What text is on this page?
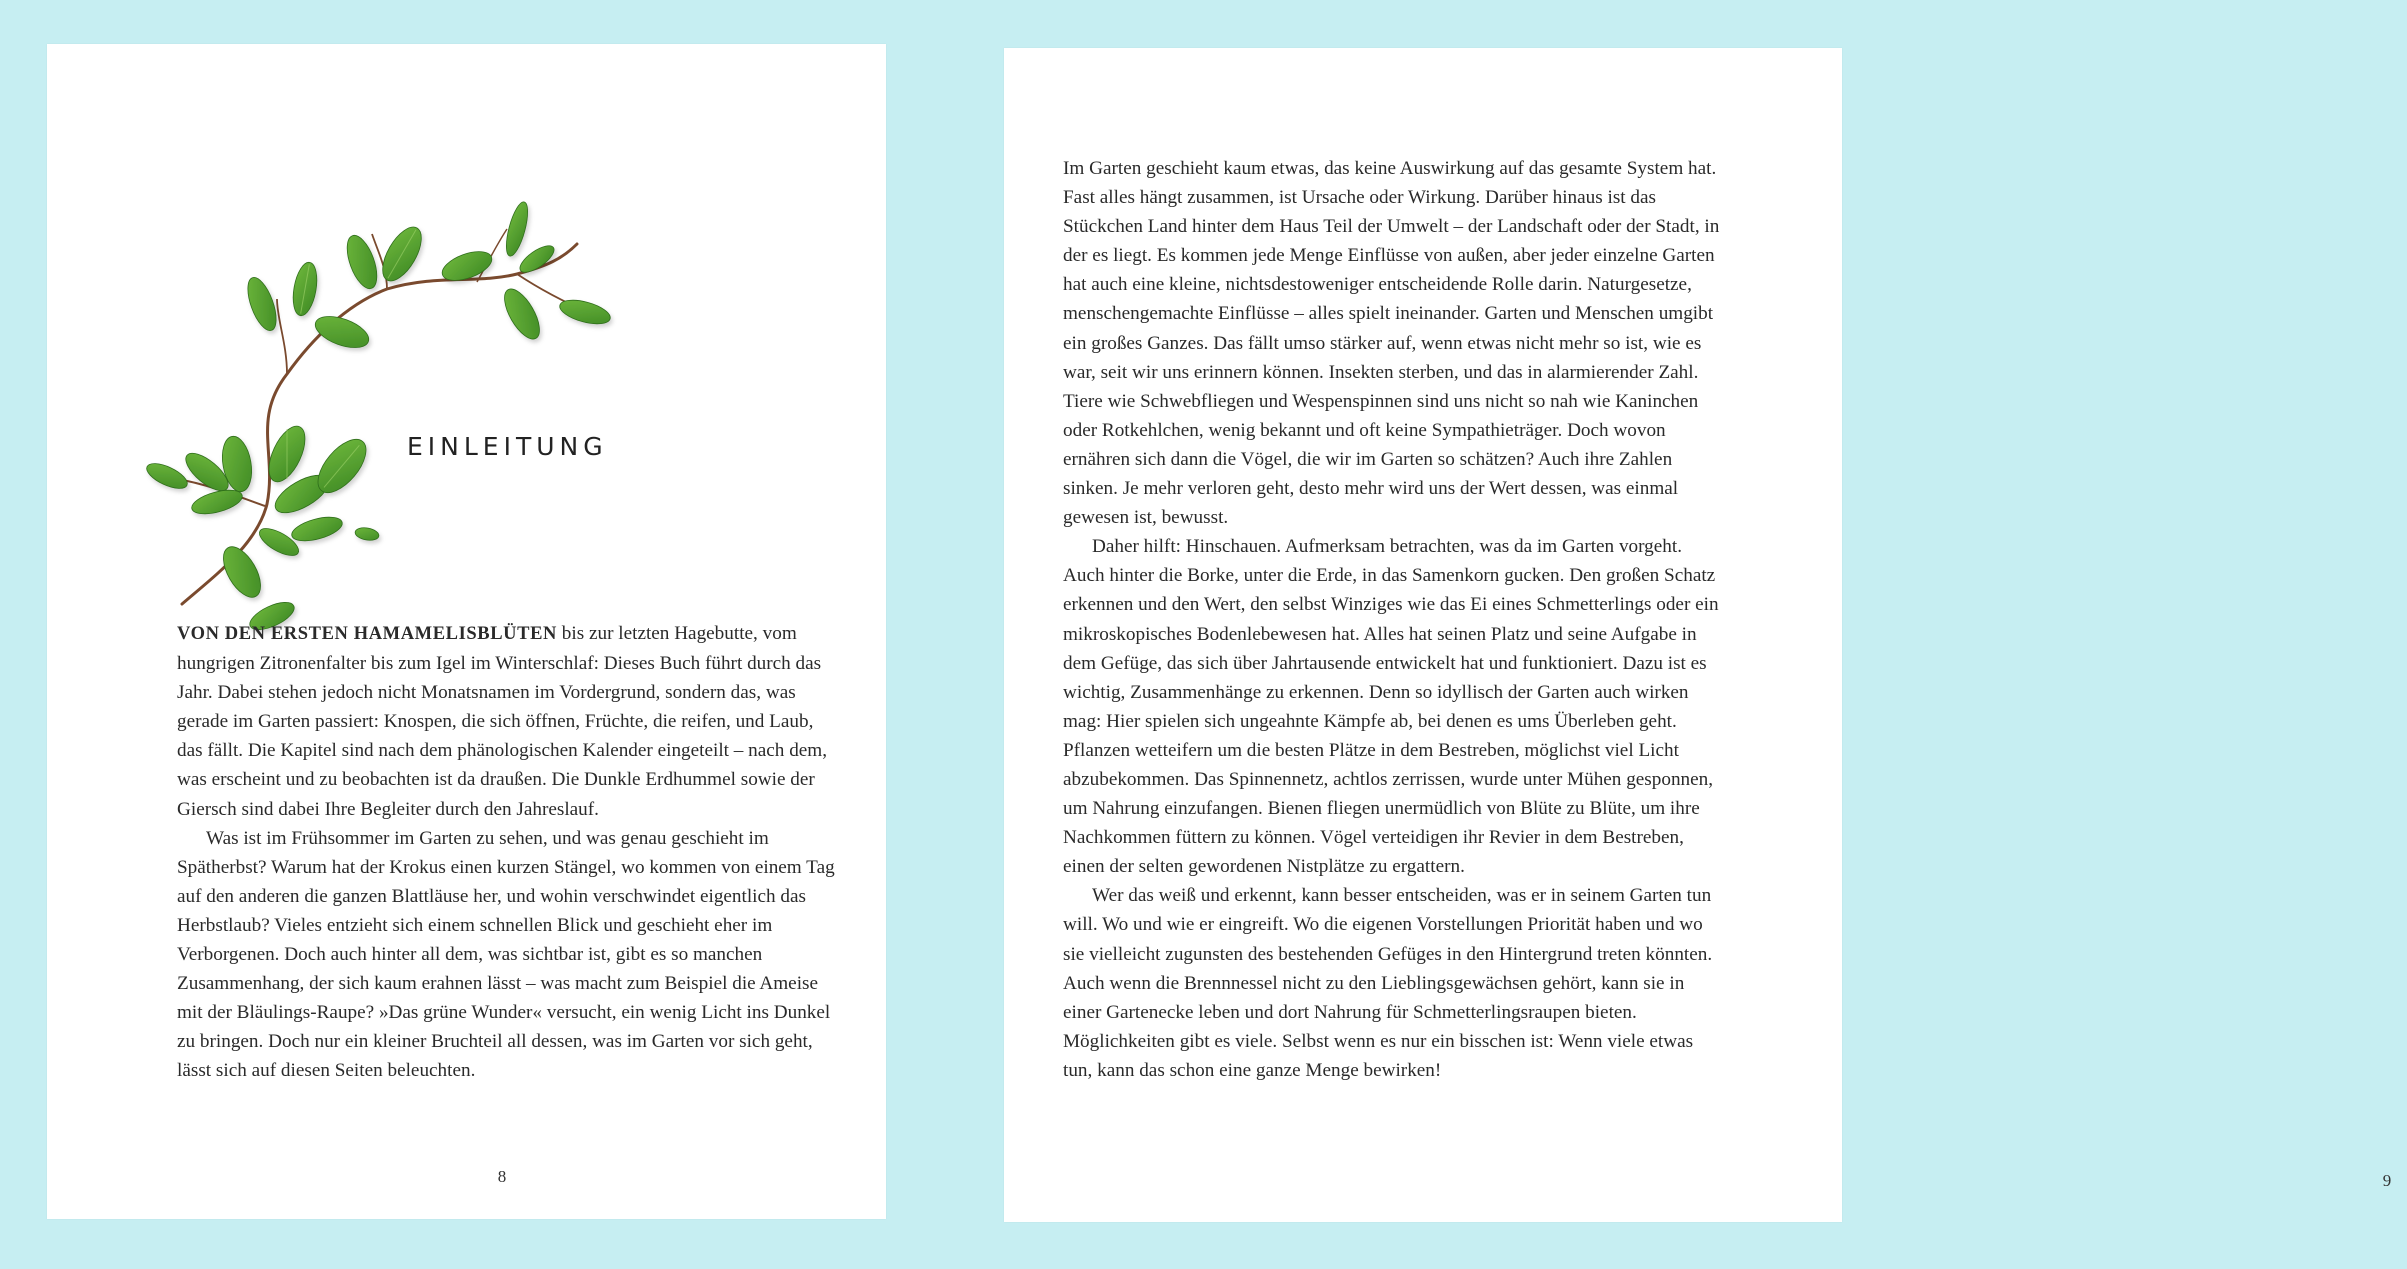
EINLEITUNG

VON DEN ERSTEN HAMAMELISBLÜTEN bis zur letzten Hagebutte, vom hungrigen Zitronenfalter bis zum Igel im Winterschlaf: Dieses Buch führt durch das Jahr. Dabei stehen jedoch nicht Monatsnamen im Vordergrund, sondern das, was gerade im Garten passiert: Knospen, die sich öffnen, Früchte, die reifen, und Laub, das fällt. Die Kapitel sind nach dem phänologischen Kalender eingeteilt – nach dem, was erscheint und zu beobachten ist da draußen. Die Dunkle Erdhummel sowie der Giersch sind dabei Ihre Begleiter durch den Jahreslauf.

Was ist im Frühsommer im Garten zu sehen, und was genau geschieht im Spätherbst? Warum hat der Krokus einen kurzen Stängel, wo kommen von einem Tag auf den anderen die ganzen Blattläuse her, und wohin verschwindet eigentlich das Herbstlaub? Vieles entzieht sich einem schnellen Blick und geschieht eher im Verborgenen. Doch auch hinter all dem, was sichtbar ist, gibt es so manchen Zusammenhang, der sich kaum erahnen lässt – was macht zum Beispiel die Ameise mit der Bläulings-Raupe? »Das grüne Wunder« versucht, ein wenig Licht ins Dunkel zu bringen. Doch nur ein kleiner Bruchteil all dessen, was im Garten vor sich geht, lässt sich auf diesen Seiten beleuchten.

8

Im Garten geschieht kaum etwas, das keine Auswirkung auf das gesamte System hat. Fast alles hängt zusammen, ist Ursache oder Wirkung. Darüber hinaus ist das Stückchen Land hinter dem Haus Teil der Umwelt – der Landschaft oder der Stadt, in der es liegt. Es kommen jede Menge Einflüsse von außen, aber jeder einzelne Garten hat auch eine kleine, nichtsdestoweniger entscheidende Rolle darin. Naturgesetze, menschengemachte Einflüsse – alles spielt ineinander. Garten und Menschen umgibt ein großes Ganzes. Das fällt umso stärker auf, wenn etwas nicht mehr so ist, wie es war, seit wir uns erinnern können. Insekten sterben, und das in alarmierender Zahl. Tiere wie Schwebfliegen und Wespenspinnen sind uns nicht so nah wie Kaninchen oder Rotkehlchen, wenig bekannt und oft keine Sympathieträger. Doch wovon ernähren sich dann die Vögel, die wir im Garten so schätzen? Auch ihre Zahlen sinken. Je mehr verloren geht, desto mehr wird uns der Wert dessen, was einmal gewesen ist, bewusst.

Daher hilft: Hinschauen. Aufmerksam betrachten, was da im Garten vorgeht. Auch hinter die Borke, unter die Erde, in das Samenkorn gucken. Den großen Schatz erkennen und den Wert, den selbst Winziges wie das Ei eines Schmetterlings oder ein mikroskopisches Bodenlebewesen hat. Alles hat seinen Platz und seine Aufgabe in dem Gefüge, das sich über Jahrtausende entwickelt hat und funktioniert. Dazu ist es wichtig, Zusammenhänge zu erkennen. Denn so idyllisch der Garten auch wirken mag: Hier spielen sich ungeahnte Kämpfe ab, bei denen es ums Überleben geht. Pflanzen wetteifern um die besten Plätze in dem Bestreben, möglichst viel Licht abzubekommen. Das Spinnennetz, achtlos zerrissen, wurde unter Mühen gesponnen, um Nahrung einzufangen. Bienen fliegen unermüdlich von Blüte zu Blüte, um ihre Nachkommen füttern zu können. Vögel verteidigen ihr Revier in dem Bestreben, einen der selten gewordenen Nistplätze zu ergattern.

Wer das weiß und erkennt, kann besser entscheiden, was er in seinem Garten tun will. Wo und wie er eingreift. Wo die eigenen Vorstellungen Priorität haben und wo sie vielleicht zugunsten des bestehenden Gefüges in den Hintergrund treten könnten. Auch wenn die Brennnessel nicht zu den Lieblingsgewächsen gehört, kann sie in einer Gartenecke leben und dort Nahrung für Schmetterlingsraupen bieten. Möglichkeiten gibt es viele. Selbst wenn es nur ein bisschen ist: Wenn viele etwas tun, kann das schon eine ganze Menge bewirken!

9
